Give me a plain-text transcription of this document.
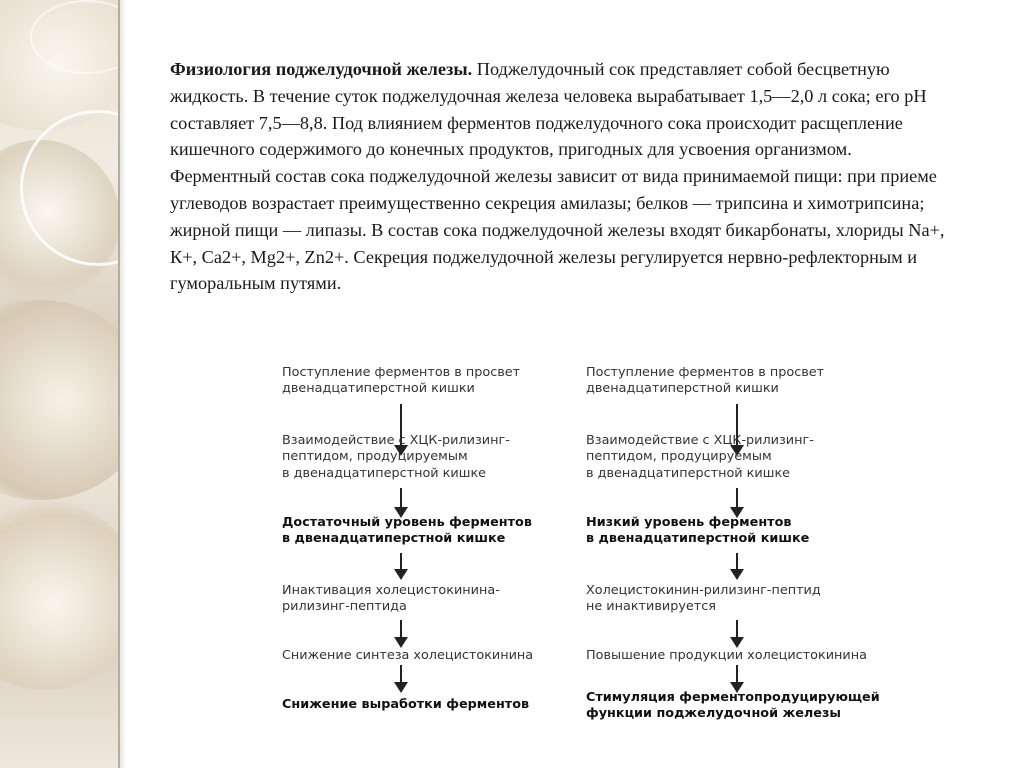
Физиология поджелудочной железы. Поджелудочный сок представляет собой бесцветную жидкость. В течение суток поджелудочная железа человека вырабатывает 1,5—2,0 л сока; его pH составляет 7,5—8,8. Под влиянием ферментов поджелудочного сока происходит расщепление кишечного содержимого до конечных продуктов, пригодных для усвоения организмом. Ферментный состав сока поджелудочной железы зависит от вида принимаемой пищи: при приеме углеводов возрастает преимущественно секреция амилазы; белков — трипсина и химотрипсина; жирной пищи — липазы. В состав сока поджелудочной железы входят бикарбонаты, хлориды Na+, К+, Са2+, Mg2+, Zn2+. Секреция поджелудочной железы регулируется нервно-рефлекторным и гуморальным путями.

Поступление ферментов в просвет
двенадцатиперстной кишки
Взаимодействие с ХЦК-рилизинг-
пептидом, продуцируемым
в двенадцатиперстной кишке
Достаточный уровень ферментов
в двенадцатиперстной кишке
Инактивация холецистокинина-
рилизинг-пептида
Снижение синтеза холецистокинина
Снижение выработки ферментов
Поступление ферментов в просвет
двенадцатиперстной кишки
Взаимодействие с ХЦК-рилизинг-
пептидом, продуцируемым
в двенадцатиперстной кишке
Низкий уровень ферментов
в двенадцатиперстной кишке
Холецистокинин-рилизинг-пептид
не инактивируется
Повышение продукции холецистокинина
Стимуляция ферментопродуцирующей
функции поджелудочной железы
